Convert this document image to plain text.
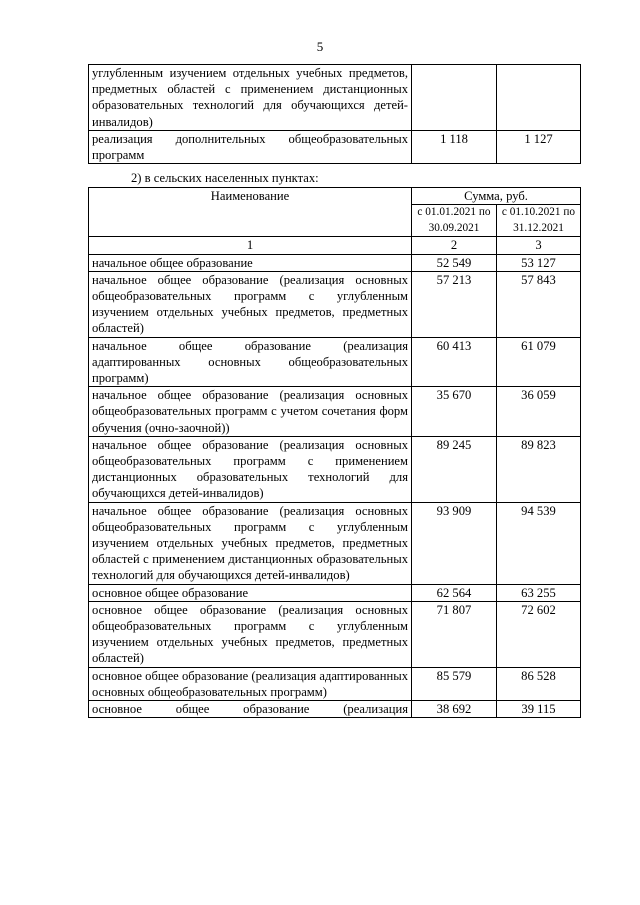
5
углубленным изучением отдельных учебных предметов, предметных областей с применением дистанционных образовательных технологий для обучающихся детей-инвалидов)		
реализация дополнительных общеобразовательных программ	1 118	1 127
2) в сельских населенных пунктах:
Наименование	Сумма, руб.	
	с 01.01.2021 по 30.09.2021	с 01.10.2021 по 31.12.2021
1	2	3
начальное общее образование	52 549	53 127
начальное общее образование (реализация основных общеобразовательных программ с углубленным изучением отдельных учебных предметов, предметных областей)	57 213	57 843
начальное общее образование (реализация адаптированных основных общеобразовательных программ)	60 413	61 079
начальное общее образование (реализация основных общеобразовательных программ с учетом сочетания форм обучения (очно-заочной))	35 670	36 059
начальное общее образование (реализация основных общеобразовательных программ с применением дистанционных образовательных технологий для обучающихся детей-инвалидов)	89 245	89 823
начальное общее образование (реализация основных общеобразовательных программ с углубленным изучением отдельных учебных предметов, предметных областей с применением дистанционных образовательных технологий для обучающихся детей-инвалидов)	93 909	94 539
основное общее образование	62 564	63 255
основное общее образование (реализация основных общеобразовательных программ с углубленным изучением отдельных учебных предметов, предметных областей)	71 807	72 602
основное общее образование (реализация адаптированных основных общеобразовательных программ)	85 579	86 528
основное общее образование (реализация	38 692	39 115
